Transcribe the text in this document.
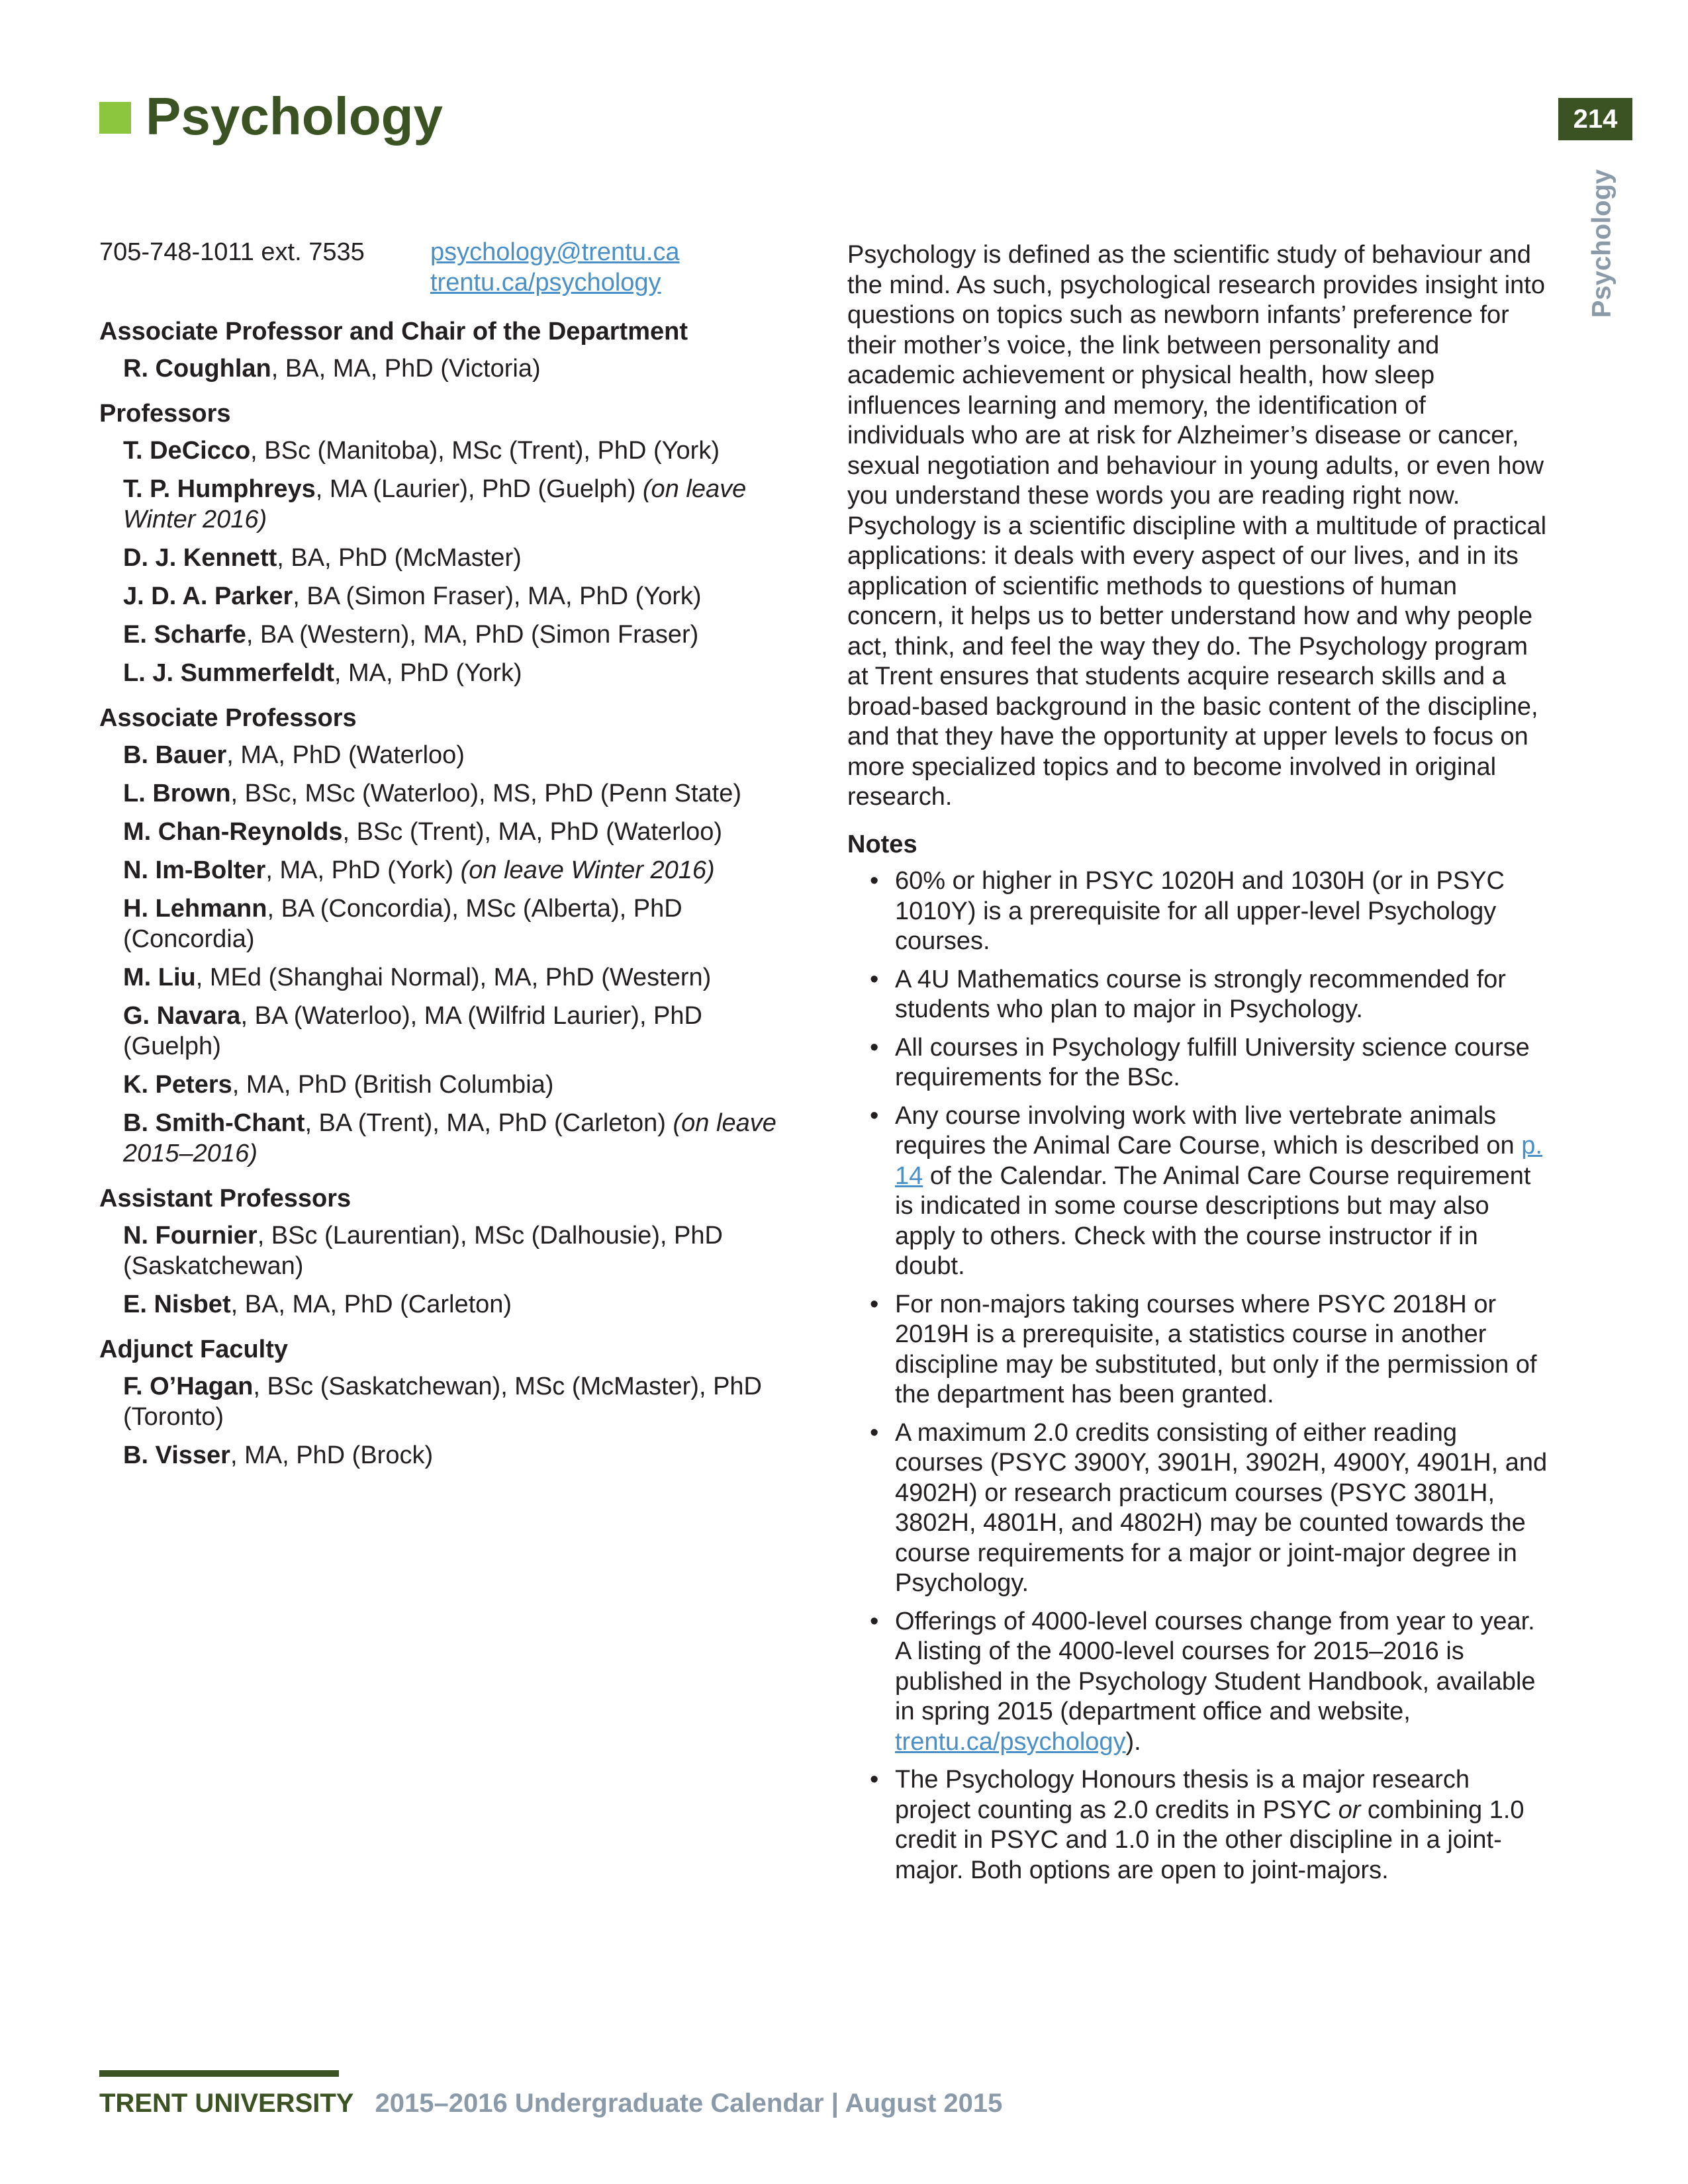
Psychology	214
Psychology
705-748-1011 ext. 7535	psychology@trentu.ca
trentu.ca/psychology
Associate Professor and Chair of the Department
R. Coughlan, BA, MA, PhD (Victoria)
Professors
T. DeCicco, BSc (Manitoba), MSc (Trent), PhD (York)
T. P. Humphreys, MA (Laurier), PhD (Guelph) (on leave Winter 2016)
D. J. Kennett, BA, PhD (McMaster)
J. D. A. Parker, BA (Simon Fraser), MA, PhD (York)
E. Scharfe, BA (Western), MA, PhD (Simon Fraser)
L. J. Summerfeldt, MA, PhD (York)
Associate Professors
B. Bauer, MA, PhD (Waterloo)
L. Brown, BSc, MSc (Waterloo), MS, PhD (Penn State)
M. Chan-Reynolds, BSc (Trent), MA, PhD (Waterloo)
N. Im-Bolter, MA, PhD (York) (on leave Winter 2016)
H. Lehmann, BA (Concordia), MSc (Alberta), PhD (Concordia)
M. Liu, MEd (Shanghai Normal), MA, PhD (Western)
G. Navara, BA (Waterloo), MA (Wilfrid Laurier), PhD (Guelph)
K. Peters, MA, PhD (British Columbia)
B. Smith-Chant, BA (Trent), MA, PhD (Carleton) (on leave 2015–2016)
Assistant Professors
N. Fournier, BSc (Laurentian), MSc (Dalhousie), PhD (Saskatchewan)
E. Nisbet, BA, MA, PhD (Carleton)
Adjunct Faculty
F. O’Hagan, BSc (Saskatchewan), MSc (McMaster), PhD (Toronto)
B. Visser, MA, PhD (Brock)

Psychology is defined as the scientific study of behaviour and the mind. As such, psychological research provides insight into questions on topics such as newborn infants’ preference for their mother’s voice, the link between personality and academic achievement or physical health, how sleep influences learning and memory, the identification of individuals who are at risk for Alzheimer’s disease or cancer, sexual negotiation and behaviour in young adults, or even how you understand these words you are reading right now. Psychology is a scientific discipline with a multitude of practical applications: it deals with every aspect of our lives, and in its application of scientific methods to questions of human concern, it helps us to better understand how and why people act, think, and feel the way they do. The Psychology program at Trent ensures that students acquire research skills and a broad-based background in the basic content of the discipline, and that they have the opportunity at upper levels to focus on more specialized topics and to become involved in original research.

Notes
• 60% or higher in PSYC 1020H and 1030H (or in PSYC 1010Y) is a prerequisite for all upper-level Psychology courses.
• A 4U Mathematics course is strongly recommended for students who plan to major in Psychology.
• All courses in Psychology fulfill University science course requirements for the BSc.
• Any course involving work with live vertebrate animals requires the Animal Care Course, which is described on p. 14 of the Calendar. The Animal Care Course requirement is indicated in some course descriptions but may also apply to others. Check with the course instructor if in doubt.
• For non-majors taking courses where PSYC 2018H or 2019H is a prerequisite, a statistics course in another discipline may be substituted, but only if the permission of the department has been granted.
• A maximum 2.0 credits consisting of either reading courses (PSYC 3900Y, 3901H, 3902H, 4900Y, 4901H, and 4902H) or research practicum courses (PSYC 3801H, 3802H, 4801H, and 4802H) may be counted towards the course requirements for a major or joint-major degree in Psychology.
• Offerings of 4000-level courses change from year to year. A listing of the 4000-level courses for 2015–2016 is published in the Psychology Student Handbook, available in spring 2015 (department office and website, trentu.ca/psychology).
• The Psychology Honours thesis is a major research project counting as 2.0 credits in PSYC or combining 1.0 credit in PSYC and 1.0 in the other discipline in a joint-major. Both options are open to joint-majors.
TRENT UNIVERSITY 2015–2016 Undergraduate Calendar | August 2015
